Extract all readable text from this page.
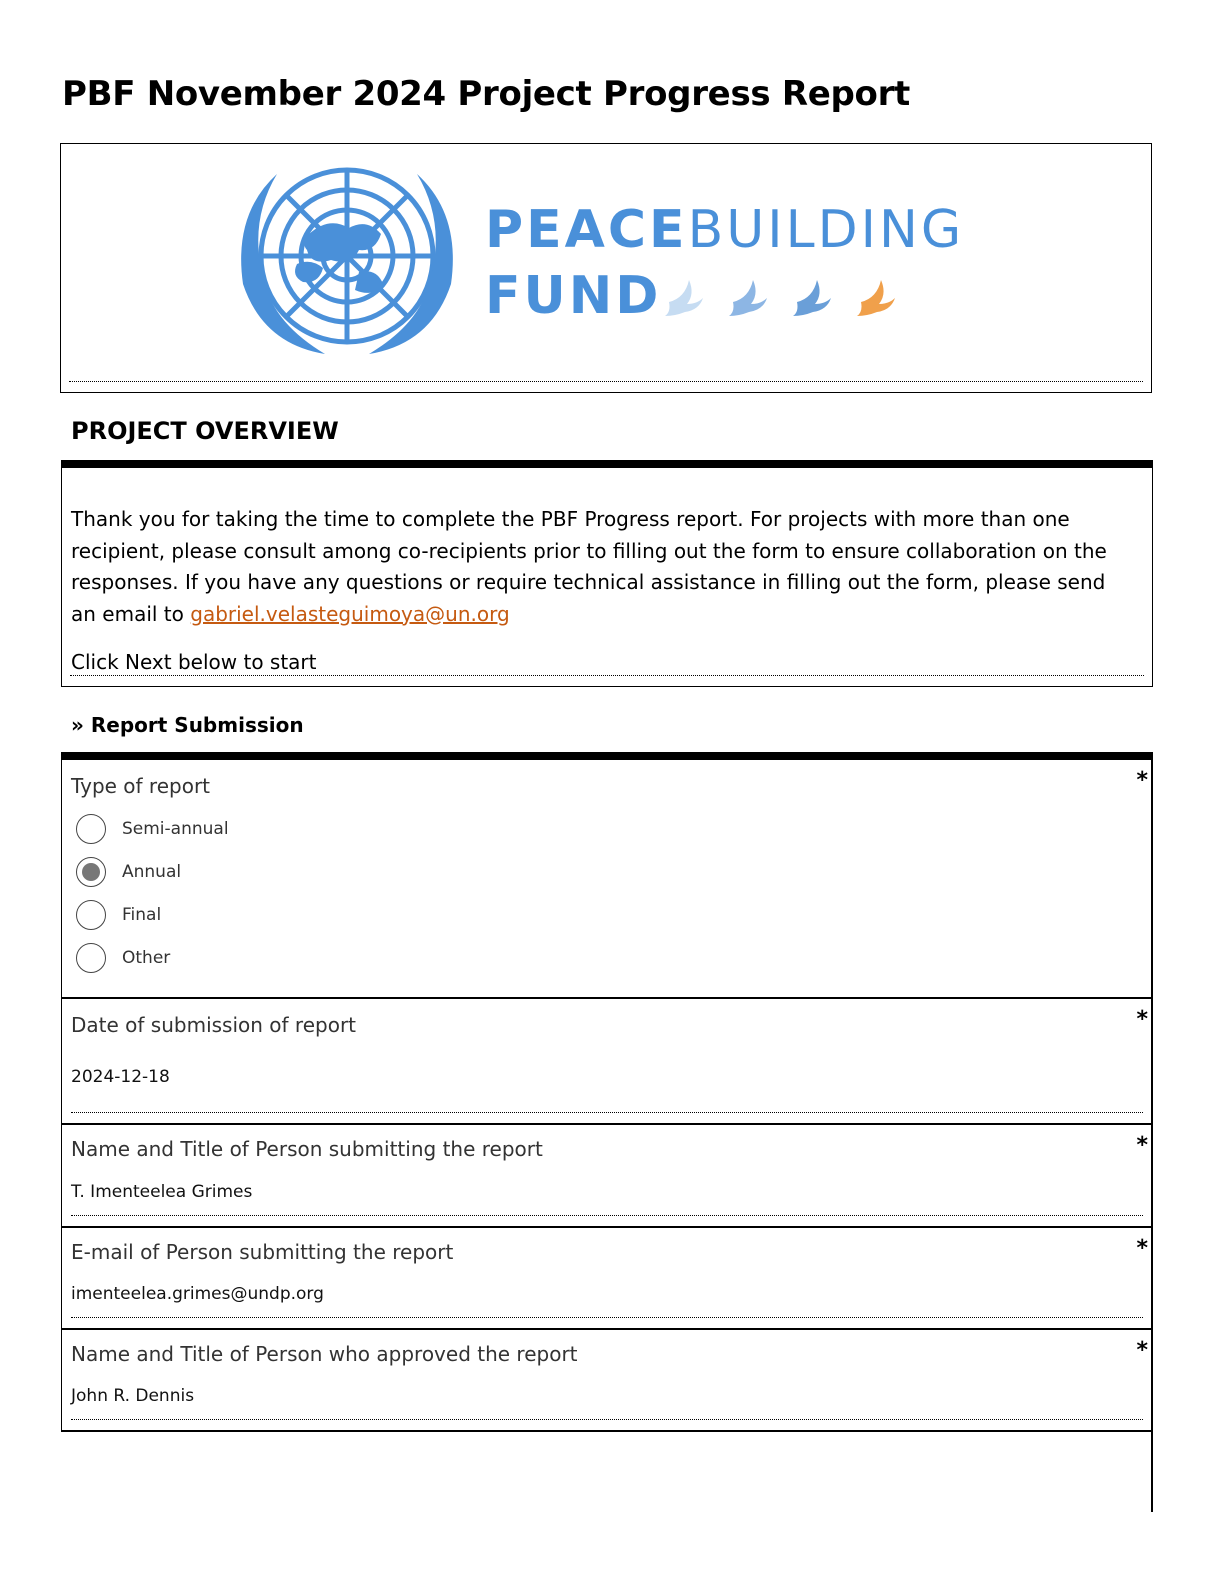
PBF November 2024 Project Progress Report
PEACEBUILDING
FUND
PROJECT OVERVIEW

Thank you for taking the time to complete the PBF Progress report. For projects with more than one recipient, please consult among co-recipients prior to filling out the form to ensure collaboration on the responses. If you have any questions or require technical assistance in filling out the form, please send an email to gabriel.velasteguimoya@un.org

Click Next below to start

» Report Submission
Type of report	*
Semi-annual
Annual
Final
Other
Date of submission of report	*
2024-12-18
Name and Title of Person submitting the report	*
T. Imenteelea Grimes
E-mail of Person submitting the report	*
imenteelea.grimes@undp.org
Name and Title of Person who approved the report	*
John R. Dennis
